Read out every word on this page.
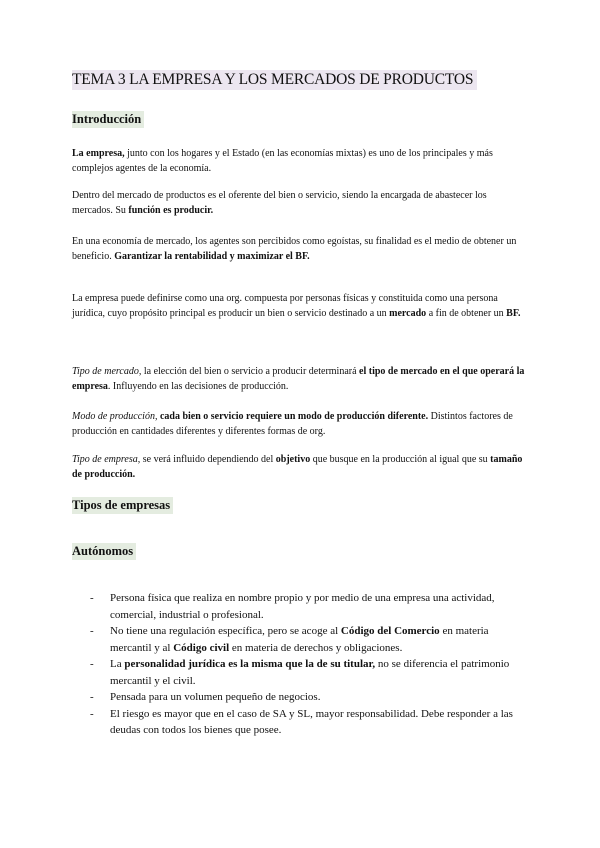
TEMA 3 LA EMPRESA Y LOS MERCADOS DE PRODUCTOS
Introducción

La empresa, junto con los hogares y el Estado (en las economías mixtas) es uno de los principales y más complejos agentes de la economía.

Dentro del mercado de productos es el oferente del bien o servicio, siendo la encargada de abastecer los mercados. Su función es producir.

En una economía de mercado, los agentes son percibidos como egoístas, su finalidad es el medio de obtener un beneficio. Garantizar la rentabilidad y maximizar el BF.

La empresa puede definirse como una org. compuesta por personas físicas y constituida como una persona jurídica, cuyo propósito principal es producir un bien o servicio destinado a un mercado a fin de obtener un BF.

Tipo de mercado, la elección del bien o servicio a producir determinará el tipo de mercado en el que operará la empresa. Influyendo en las decisiones de producción.

Modo de producción, cada bien o servicio requiere un modo de producción diferente. Distintos factores de producción en cantidades diferentes y diferentes formas de org.

Tipo de empresa, se verá influido dependiendo del objetivo que busque en la producción al igual que su tamaño de producción.

Tipos de empresas
Autónomos
- Persona física que realiza en nombre propio y por medio de una empresa una actividad, comercial, industrial o profesional.
- No tiene una regulación específica, pero se acoge al Código del Comercio en materia mercantil y al Código civil en materia de derechos y obligaciones.
- La personalidad jurídica es la misma que la de su titular, no se diferencia el patrimonio mercantil y el civil.
- Pensada para un volumen pequeño de negocios.
- El riesgo es mayor que en el caso de SA y SL, mayor responsabilidad. Debe responder a las deudas con todos los bienes que posee.
